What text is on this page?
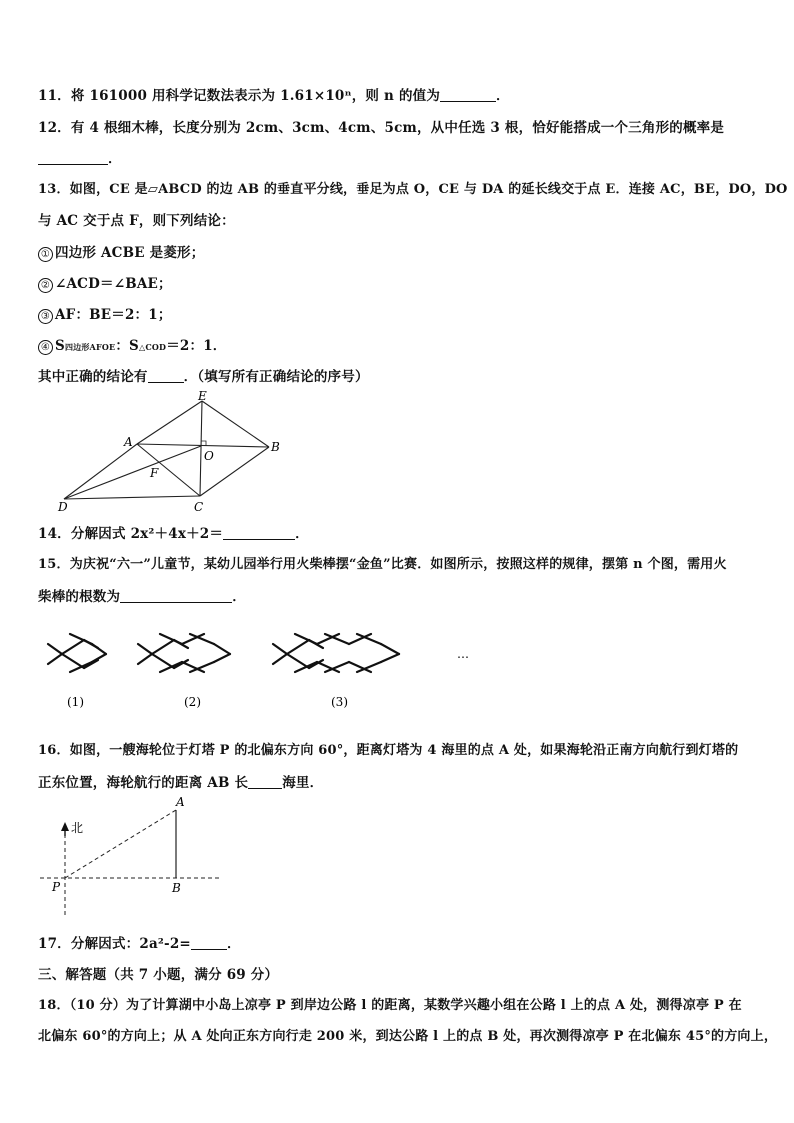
11．将 161000 用科学记数法表示为 1.61×10ⁿ，则 n 的值为	．
12．有 4 根细木棒，长度分别为 2cm、3cm、4cm、5cm，从中任选 3 根，恰好能搭成一个三角形的概率是
．
13．如图，CE 是▱ABCD 的边 AB 的垂直平分线，垂足为点 O，CE 与 DA 的延长线交于点 E．连接 AC，BE，DO，DO
与 AC 交于点 F，则下列结论：
① 四边形 ACBE 是菱形；
② ∠ACD＝∠BAE；
③ AF：BE＝2：1；
④ S四边形AFOE：S△COD＝2：1．
其中正确的结论有	．（填写所有正确结论的序号）
E
A	B
O
F
D	C
14．分解因式 2x²＋4x＋2＝	．
15．为庆祝“六一”儿童节，某幼儿园举行用火柴棒摆“金鱼”比赛．如图所示，按照这样的规律，摆第 n 个图，需用火
柴棒的根数为	．
…
(1)	(2)	(3)
16．如图，一艘海轮位于灯塔 P 的北偏东方向 60°，距离灯塔为 4 海里的点 A 处，如果海轮沿正南方向航行到灯塔的
正东位置，海轮航行的距离 AB 长	海里．
北
A
P	B
17．分解因式：2a²-2=	．
三、解答题（共 7 小题，满分 69 分）
18．（10 分）为了计算湖中小岛上凉亭 P 到岸边公路 l 的距离，某数学兴趣小组在公路 l 上的点 A 处，测得凉亭 P 在
北偏东 60°的方向上；从 A 处向正东方向行走 200 米，到达公路 l 上的点 B 处，再次测得凉亭 P 在北偏东 45°的方向上，
